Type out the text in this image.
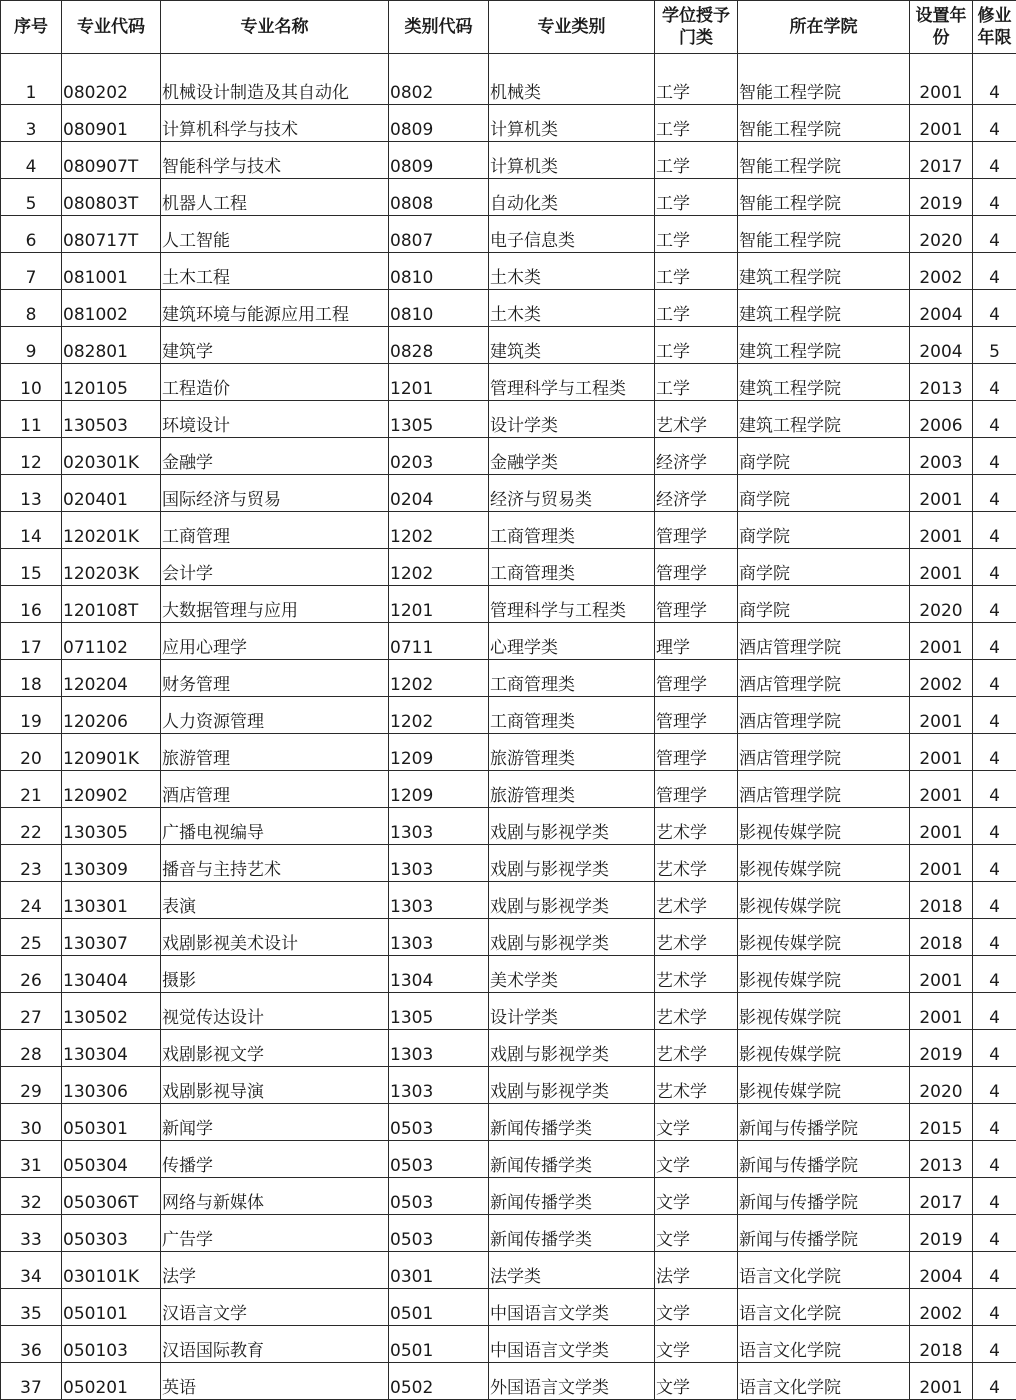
序号	专业代码	专业名称	类别代码	专业类别	学位授予门类	所在学院	设置年份	修业年限

1	080202	机械设计制造及其自动化	0802	机械类	工学	智能工程学院	2001	4
3	080901	计算机科学与技术	0809	计算机类	工学	智能工程学院	2001	4
4	080907T	智能科学与技术	0809	计算机类	工学	智能工程学院	2017	4
5	080803T	机器人工程	0808	自动化类	工学	智能工程学院	2019	4
6	080717T	人工智能	0807	电子信息类	工学	智能工程学院	2020	4
7	081001	土木工程	0810	土木类	工学	建筑工程学院	2002	4
8	081002	建筑环境与能源应用工程	0810	土木类	工学	建筑工程学院	2004	4
9	082801	建筑学	0828	建筑类	工学	建筑工程学院	2004	5
10	120105	工程造价	1201	管理科学与工程类	工学	建筑工程学院	2013	4
11	130503	环境设计	1305	设计学类	艺术学	建筑工程学院	2006	4
12	020301K	金融学	0203	金融学类	经济学	商学院	2003	4
13	020401	国际经济与贸易	0204	经济与贸易类	经济学	商学院	2001	4
14	120201K	工商管理	1202	工商管理类	管理学	商学院	2001	4
15	120203K	会计学	1202	工商管理类	管理学	商学院	2001	4
16	120108T	大数据管理与应用	1201	管理科学与工程类	管理学	商学院	2020	4
17	071102	应用心理学	0711	心理学类	理学	酒店管理学院	2001	4
18	120204	财务管理	1202	工商管理类	管理学	酒店管理学院	2002	4
19	120206	人力资源管理	1202	工商管理类	管理学	酒店管理学院	2001	4
20	120901K	旅游管理	1209	旅游管理类	管理学	酒店管理学院	2001	4
21	120902	酒店管理	1209	旅游管理类	管理学	酒店管理学院	2001	4
22	130305	广播电视编导	1303	戏剧与影视学类	艺术学	影视传媒学院	2001	4
23	130309	播音与主持艺术	1303	戏剧与影视学类	艺术学	影视传媒学院	2001	4
24	130301	表演	1303	戏剧与影视学类	艺术学	影视传媒学院	2018	4
25	130307	戏剧影视美术设计	1303	戏剧与影视学类	艺术学	影视传媒学院	2018	4
26	130404	摄影	1304	美术学类	艺术学	影视传媒学院	2001	4
27	130502	视觉传达设计	1305	设计学类	艺术学	影视传媒学院	2001	4
28	130304	戏剧影视文学	1303	戏剧与影视学类	艺术学	影视传媒学院	2019	4
29	130306	戏剧影视导演	1303	戏剧与影视学类	艺术学	影视传媒学院	2020	4
30	050301	新闻学	0503	新闻传播学类	文学	新闻与传播学院	2015	4
31	050304	传播学	0503	新闻传播学类	文学	新闻与传播学院	2013	4
32	050306T	网络与新媒体	0503	新闻传播学类	文学	新闻与传播学院	2017	4
33	050303	广告学	0503	新闻传播学类	文学	新闻与传播学院	2019	4
34	030101K	法学	0301	法学类	法学	语言文化学院	2004	4
35	050101	汉语言文学	0501	中国语言文学类	文学	语言文化学院	2002	4
36	050103	汉语国际教育	0501	中国语言文学类	文学	语言文化学院	2018	4
37	050201	英语	0502	外国语言文学类	文学	语言文化学院	2001	4
